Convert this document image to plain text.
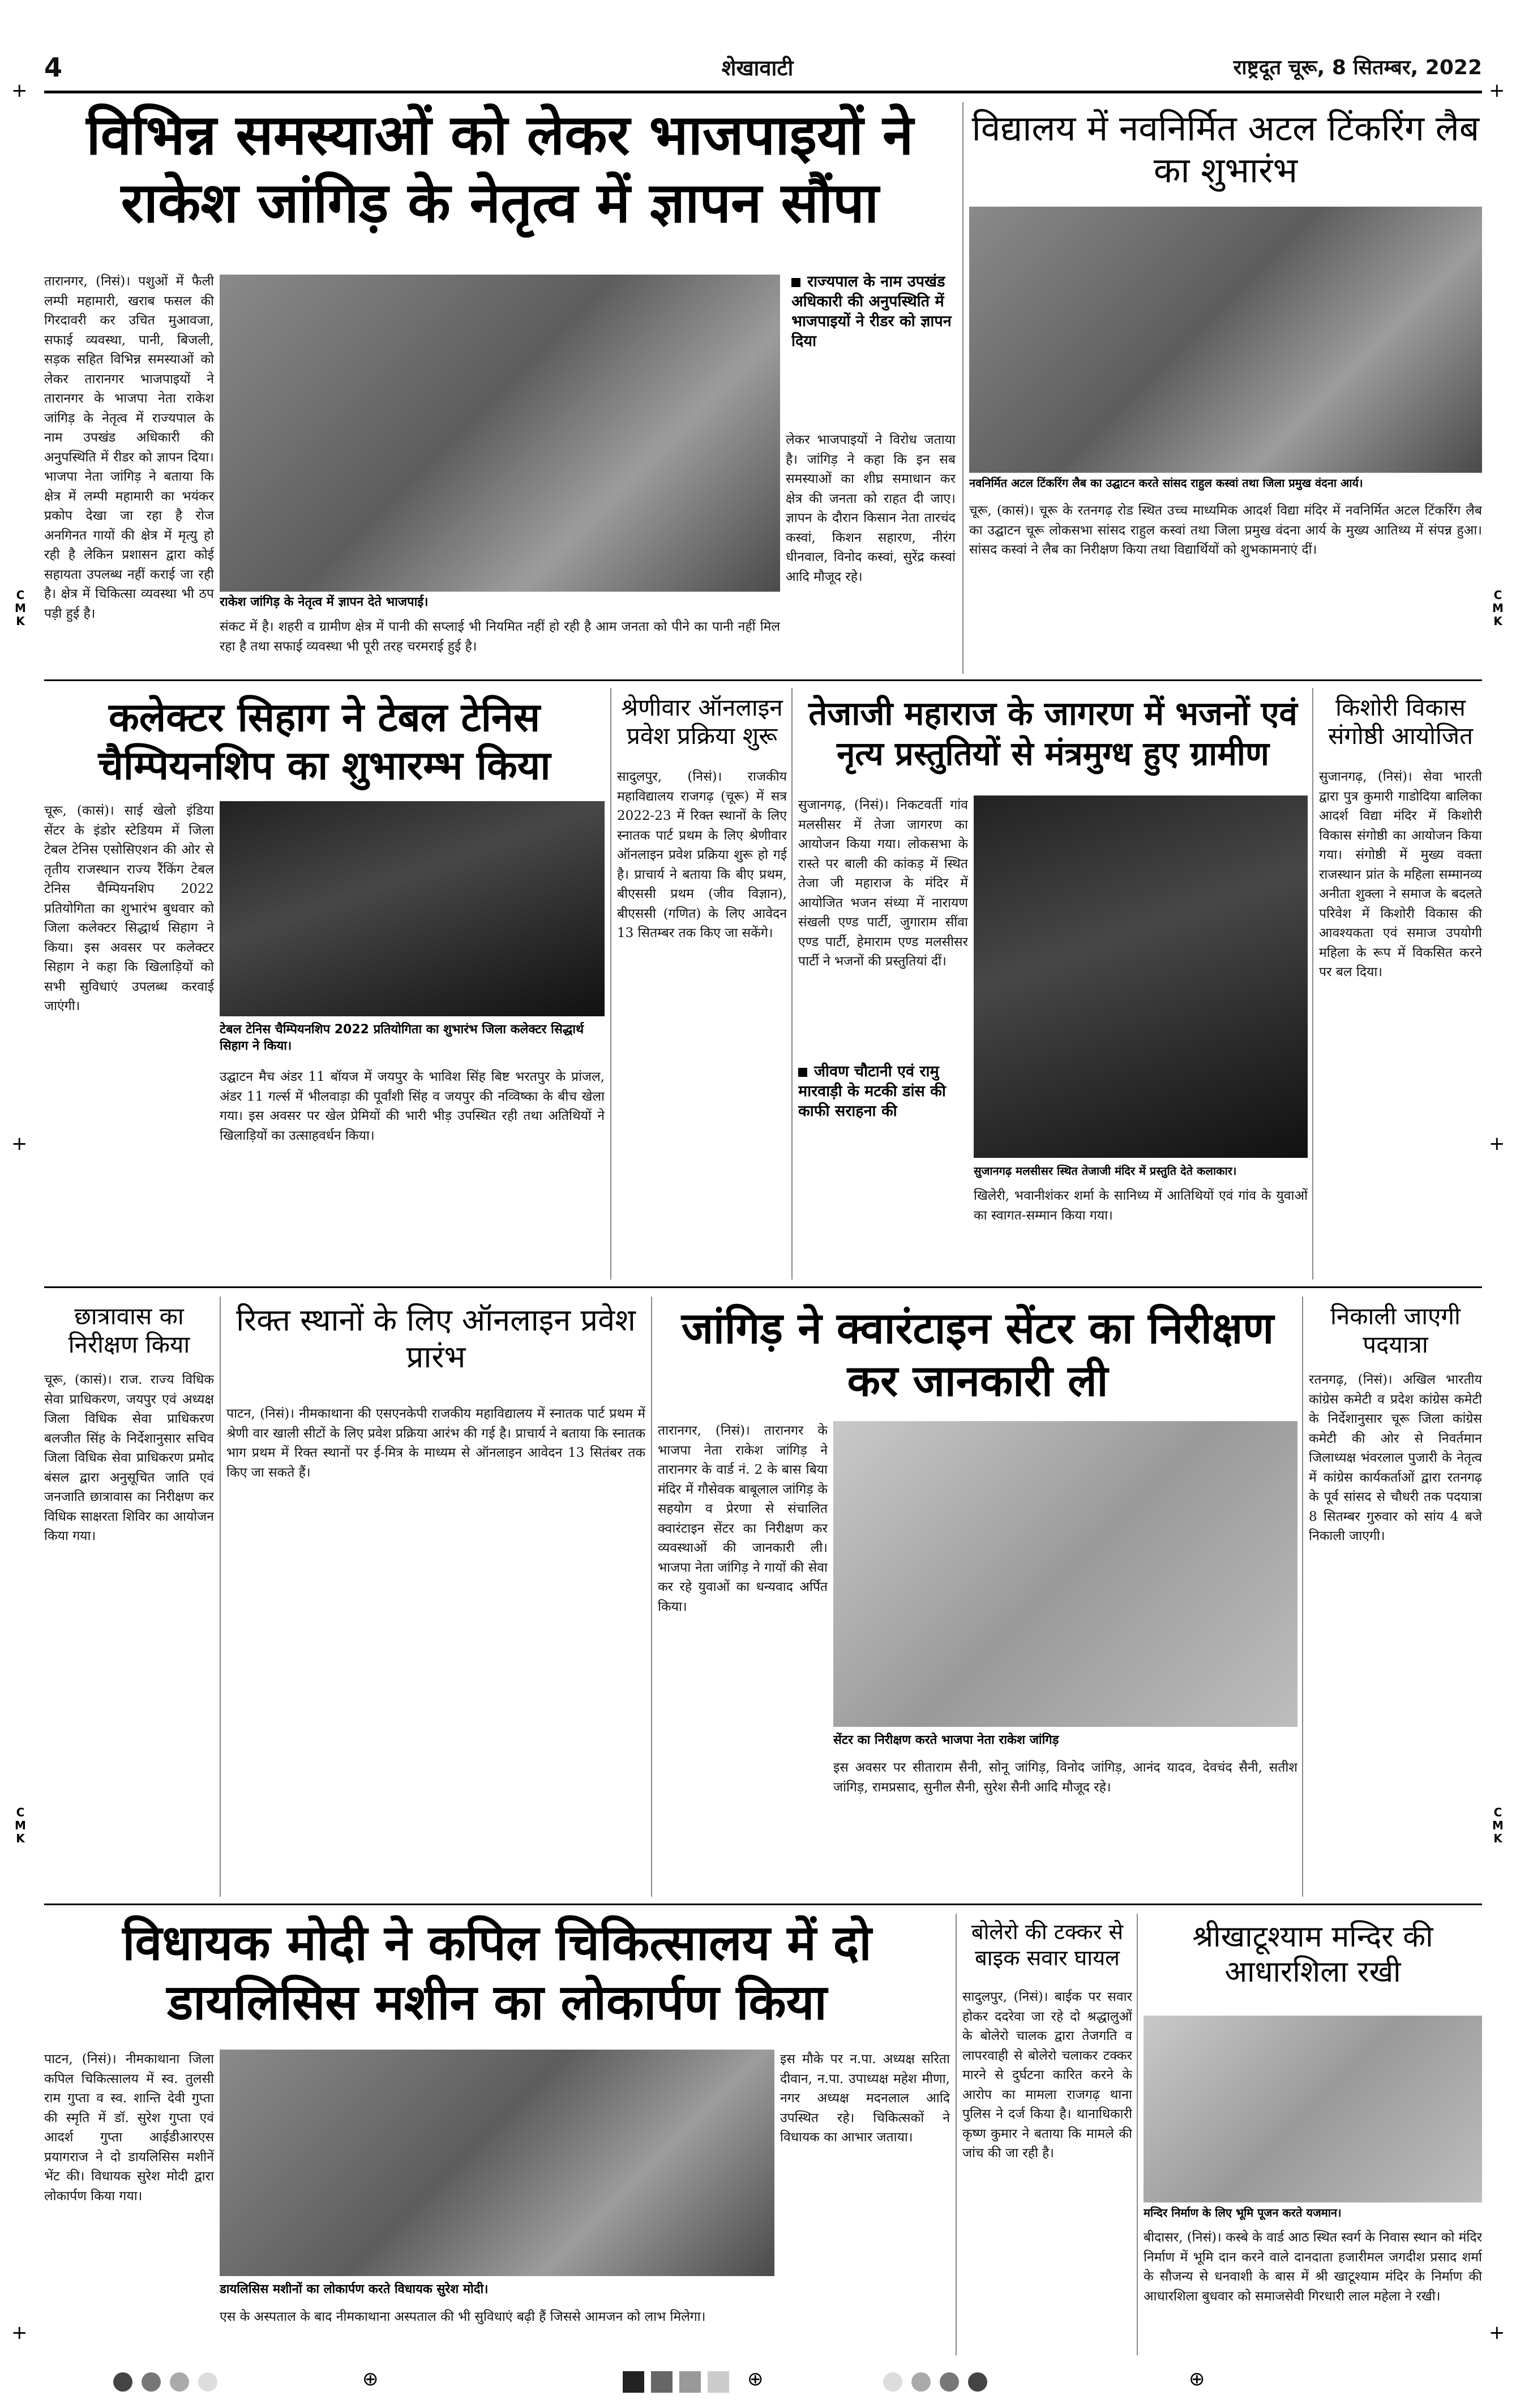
4	शेखावाटी	राष्ट्रदूत चूरू, 8 सितम्बर, 2022
+	+
+	+
+	+
C
M
K
C
M
K
C
M
K
C
M
K
विभिन्न समस्याओं को लेकर भाजपाइयों ने राकेश जांगिड़ के नेतृत्व में ज्ञापन सौंपा
तारानगर, (निसं)। पशुओं में फैली लम्पी महामारी, खराब फसल की गिरदावरी कर उचित मुआवजा, सफाई व्यवस्था, पानी, बिजली, सड़क सहित विभिन्न समस्याओं को लेकर तारानगर भाजपाइयों ने तारानगर के भाजपा नेता राकेश जांगिड़ के नेतृत्व में राज्यपाल के नाम उपखंड अधिकारी की अनुपस्थिति में रीडर को ज्ञापन दिया। भाजपा नेता जांगिड़ ने बताया कि क्षेत्र में लम्पी महामारी का भयंकर प्रकोप देखा जा रहा है रोज अनगिनत गायों की क्षेत्र में मृत्यु हो रही है लेकिन प्रशासन द्वारा कोई सहायता उपलब्ध नहीं कराई जा रही है। क्षेत्र में चिकित्सा व्यवस्था भी ठप पड़ी हुई है।
राकेश जांगिड़ के नेतृत्व में ज्ञापन देते भाजपाई।
राज्यपाल के नाम उपखंड अधिकारी की अनुपस्थिति में भाजपाइयों ने रीडर को ज्ञापन दिया
लेकर भाजपाइयों ने विरोध जताया है। जांगिड़ ने कहा कि इन सब समस्याओं का शीघ्र समाधान कर क्षेत्र की जनता को राहत दी जाए। ज्ञापन के दौरान किसान नेता तारचंद कस्वां, किशन सहारण, नीरंग धीनवाल, विनोद कस्वां, सुरेंद्र कस्वां आदि मौजूद रहे।
संकट में है। शहरी व ग्रामीण क्षेत्र में पानी की सप्लाई भी नियमित नहीं हो रही है आम जनता को पीने का पानी नहीं मिल रहा है तथा सफाई व्यवस्था भी पूरी तरह चरमराई हुई है।
विद्यालय में नवनिर्मित अटल टिंकरिंग लैब का शुभारंभ
नवनिर्मित अटल टिंकरिंग लैब का उद्घाटन करते सांसद राहुल कस्वां तथा जिला प्रमुख वंदना आर्य।
चूरू, (कासं)। चूरू के रतनगढ़ रोड स्थित उच्च माध्यमिक आदर्श विद्या मंदिर में नवनिर्मित अटल टिंकरिंग लैब का उद्घाटन चूरू लोकसभा सांसद राहुल कस्वां तथा जिला प्रमुख वंदना आर्य के मुख्य आतिथ्य में संपन्न हुआ। सांसद कस्वां ने लैब का निरीक्षण किया तथा विद्यार्थियों को शुभकामनाएं दीं।
कलेक्टर सिहाग ने टेबल टेनिस चैम्पियनशिप का शुभारम्भ किया
चूरू, (कासं)। साई खेलो इंडिया सेंटर के इंडोर स्टेडियम में जिला टेबल टेनिस एसोसिएशन की ओर से तृतीय राजस्थान राज्य रैंकिंग टेबल टेनिस चैम्पियनशिप 2022 प्रतियोगिता का शुभारंभ बुधवार को जिला कलेक्टर सिद्धार्थ सिहाग ने किया। इस अवसर पर कलेक्टर सिहाग ने कहा कि खिलाड़ियों को सभी सुविधाएं उपलब्ध करवाई जाएंगी।
टेबल टेनिस चैम्पियनशिप 2022 प्रतियोगिता का शुभारंभ जिला कलेक्टर सिद्धार्थ सिहाग ने किया।
उद्घाटन मैच अंडर 11 बॉयज में जयपुर के भाविश सिंह बिष्ट भरतपुर के प्रांजल, अंडर 11 गर्ल्स में भीलवाड़ा की पूर्वांशी सिंह व जयपुर की नव्विष्का के बीच खेला गया। इस अवसर पर खेल प्रेमियों की भारी भीड़ उपस्थित रही तथा अतिथियों ने खिलाड़ियों का उत्साहवर्धन किया।
श्रेणीवार ऑनलाइन प्रवेश प्रक्रिया शुरू
सादुलपुर, (निसं)। राजकीय महाविद्यालय राजगढ़ (चूरू) में सत्र 2022-23 में रिक्त स्थानों के लिए स्नातक पार्ट प्रथम के लिए श्रेणीवार ऑनलाइन प्रवेश प्रक्रिया शुरू हो गई है। प्राचार्य ने बताया कि बीए प्रथम, बीएससी प्रथम (जीव विज्ञान), बीएससी (गणित) के लिए आवेदन 13 सितम्बर तक किए जा सकेंगे।
तेजाजी महाराज के जागरण में भजनों एवं नृत्य प्रस्तुतियों से मंत्रमुग्ध हुए ग्रामीण
सुजानगढ़, (निसं)। निकटवर्ती गांव मलसीसर में तेजा जागरण का आयोजन किया गया। लोकसभा के रास्ते पर बाली की कांकड़ में स्थित तेजा जी महाराज के मंदिर में आयोजित भजन संध्या में नारायण संखली एण्ड पार्टी, जुगाराम सींवा एण्ड पार्टी, हेमाराम एण्ड मलसीसर पार्टी ने भजनों की प्रस्तुतियां दीं।
जीवण चौटानी एवं रामु मारवाड़ी के मटकी डांस की काफी सराहना की
सुजानगढ़ मलसीसर स्थित तेजाजी मंदिर में प्रस्तुति देते कलाकार।
खिलेरी, भवानीशंकर शर्मा के सानिध्य में आतिथियों एवं गांव के युवाओं का स्वागत-सम्मान किया गया।
किशोरी विकास संगोष्ठी आयोजित
सुजानगढ़, (निसं)। सेवा भारती द्वारा पुत्र कुमारी गाडोदिया बालिका आदर्श विद्या मंदिर में किशोरी विकास संगोष्ठी का आयोजन किया गया। संगोष्ठी में मुख्य वक्ता राजस्थान प्रांत के महिला सम्मानव्य अनीता शुक्ला ने समाज के बदलते परिवेश में किशोरी विकास की आवश्यकता एवं समाज उपयोगी महिला के रूप में विकसित करने पर बल दिया।
छात्रावास का निरीक्षण किया
चूरू, (कासं)। राज. राज्य विधिक सेवा प्राधिकरण, जयपुर एवं अध्यक्ष जिला विधिक सेवा प्राधिकरण बलजीत सिंह के निर्देशानुसार सचिव जिला विधिक सेवा प्राधिकरण प्रमोद बंसल द्वारा अनुसूचित जाति एवं जनजाति छात्रावास का निरीक्षण कर विधिक साक्षरता शिविर का आयोजन किया गया।
रिक्त स्थानों के लिए ऑनलाइन प्रवेश प्रारंभ
पाटन, (निसं)। नीमकाथाना की एसएनकेपी राजकीय महाविद्यालय में स्नातक पार्ट प्रथम में श्रेणी वार खाली सीटों के लिए प्रवेश प्रक्रिया आरंभ की गई है। प्राचार्य ने बताया कि स्नातक भाग प्रथम में रिक्त स्थानों पर ई-मित्र के माध्यम से ऑनलाइन आवेदन 13 सितंबर तक किए जा सकते हैं।
जांगिड़ ने क्वारंटाइन सेंटर का निरीक्षण कर जानकारी ली
तारानगर, (निसं)। तारानगर के भाजपा नेता राकेश जांगिड़ ने तारानगर के वार्ड नं. 2 के बास बिया मंदिर में गौसेवक बाबूलाल जांगिड़ के सहयोग व प्रेरणा से संचालित क्वारंटाइन सेंटर का निरीक्षण कर व्यवस्थाओं की जानकारी ली। भाजपा नेता जांगिड़ ने गायों की सेवा कर रहे युवाओं का धन्यवाद अर्पित किया।
सेंटर का निरीक्षण करते भाजपा नेता राकेश जांगिड़
इस अवसर पर सीताराम सैनी, सोनू जांगिड़, विनोद जांगिड़, आनंद यादव, देवचंद सैनी, सतीश जांगिड़, रामप्रसाद, सुनील सैनी, सुरेश सैनी आदि मौजूद रहे।
निकाली जाएगी पदयात्रा
रतनगढ़, (निसं)। अखिल भारतीय कांग्रेस कमेटी व प्रदेश कांग्रेस कमेटी के निर्देशानुसार चूरू जिला कांग्रेस कमेटी की ओर से निवर्तमान जिलाध्यक्ष भंवरलाल पुजारी के नेतृत्व में कांग्रेस कार्यकर्ताओं द्वारा रतनगढ़ के पूर्व सांसद से चौधरी तक पदयात्रा 8 सितम्बर गुरुवार को सांय 4 बजे निकाली जाएगी।
विधायक मोदी ने कपिल चिकित्सालय में दो डायलिसिस मशीन का लोकार्पण किया
पाटन, (निसं)। नीमकाथाना जिला कपिल चिकित्सालय में स्व. तुलसी राम गुप्ता व स्व. शान्ति देवी गुप्ता की स्मृति में डॉ. सुरेश गुप्ता एवं आदर्श गुप्ता आईडीआरएस प्रयागराज ने दो डायलिसिस मशीनें भेंट की। विधायक सुरेश मोदी द्वारा लोकार्पण किया गया।
डायलिसिस मशीनों का लोकार्पण करते विधायक सुरेश मोदी।
एस के अस्पताल के बाद नीमकाथाना अस्पताल की भी सुविधाएं बढ़ी हैं जिससे आमजन को लाभ मिलेगा।
इस मौके पर न.पा. अध्यक्ष सरिता दीवान, न.पा. उपाध्यक्ष महेश मीणा, नगर अध्यक्ष मदनलाल आदि उपस्थित रहे। चिकित्सकों ने विधायक का आभार जताया।
बोलेरो की टक्कर से बाइक सवार घायल
सादुलपुर, (निसं)। बाईक पर सवार होकर ददरेवा जा रहे दो श्रद्धालुओं के बोलेरो चालक द्वारा तेजगति व लापरवाही से बोलेरो चलाकर टक्कर मारने से दुर्घटना कारित करने के आरोप का मामला राजगढ़ थाना पुलिस ने दर्ज किया है। थानाधिकारी कृष्ण कुमार ने बताया कि मामले की जांच की जा रही है।
श्रीखाटूश्याम मन्दिर की आधारशिला रखी
मन्दिर निर्माण के लिए भूमि पूजन करते यजमान।
बीदासर, (निसं)। कस्बे के वार्ड आठ स्थित स्वर्ग के निवास स्थान को मंदिर निर्माण में भूमि दान करने वाले दानदाता हजारीमल जगदीश प्रसाद शर्मा के सौजन्य से धनवाशी के बास में श्री खाटूश्याम मंदिर के निर्माण की आधारशिला बुधवार को समाजसेवी गिरधारी लाल महेला ने रखी।
⊕	⊕	⊕
